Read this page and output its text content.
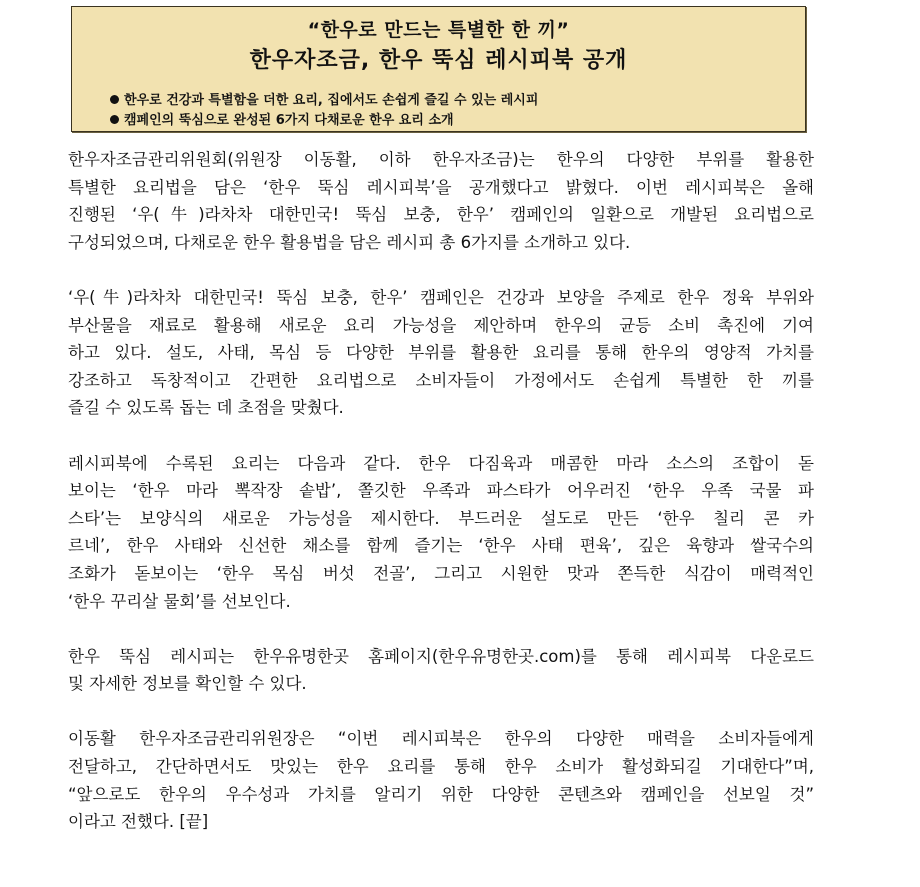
“한우로 만드는 특별한 한 끼”
한우자조금, 한우 뚝심 레시피북 공개
한우로 건강과 특별함을 더한 요리, 집에서도 손쉽게 즐길 수 있는 레시피
캠페인의 뚝심으로 완성된 6가지 다채로운 한우 요리 소개

한우자조금관리위원회(위원장 이동활, 이하 한우자조금)는 한우의 다양한 부위를 활용한
특별한 요리법을 담은 ‘한우 뚝심 레시피북’을 공개했다고 밝혔다. 이번 레시피북은 올해
진행된 ‘우(牛)라차차 대한민국! 뚝심 보충, 한우’ 캠페인의 일환으로 개발된 요리법으로
구성되었으며, 다채로운 한우 활용법을 담은 레시피 총 6가지를 소개하고 있다.

‘우(牛)라차차 대한민국! 뚝심 보충, 한우’ 캠페인은 건강과 보양을 주제로 한우 정육 부위와
부산물을 재료로 활용해 새로운 요리 가능성을 제안하며 한우의 균등 소비 촉진에 기여
하고 있다. 설도, 사태, 목심 등 다양한 부위를 활용한 요리를 통해 한우의 영양적 가치를
강조하고 독창적이고 간편한 요리법으로 소비자들이 가정에서도 손쉽게 특별한 한 끼를
즐길 수 있도록 돕는 데 초점을 맞췄다.

레시피북에 수록된 요리는 다음과 같다. 한우 다짐육과 매콤한 마라 소스의 조합이 돋
보이는 ‘한우 마라 뽁작장 솥밥’, 쫄깃한 우족과 파스타가 어우러진 ‘한우 우족 국물 파
스타’는 보양식의 새로운 가능성을 제시한다. 부드러운 설도로 만든 ‘한우 칠리 콘 카
르네’, 한우 사태와 신선한 채소를 함께 즐기는 ‘한우 사태 편육’, 깊은 육향과 쌀국수의
조화가 돋보이는 ‘한우 목심 버섯 전골’, 그리고 시원한 맛과 쫀득한 식감이 매력적인
‘한우 꾸리살 물회’를 선보인다.

한우 뚝심 레시피는 한우유명한곳 홈페이지(한우유명한곳.com)를 통해 레시피북 다운로드
및 자세한 정보를 확인할 수 있다.

이동활 한우자조금관리위원장은 “이번 레시피북은 한우의 다양한 매력을 소비자들에게
전달하고, 간단하면서도 맛있는 한우 요리를 통해 한우 소비가 활성화되길 기대한다”며,
“앞으로도 한우의 우수성과 가치를 알리기 위한 다양한 콘텐츠와 캠페인을 선보일 것”
이라고 전했다. [끝]
